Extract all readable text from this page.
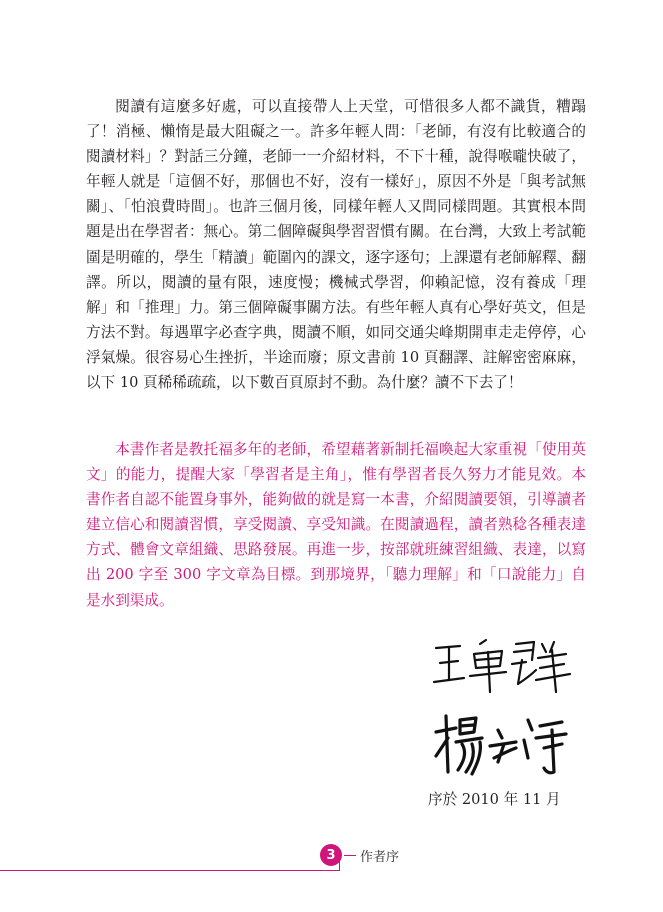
閱讀有這麼多好處，可以直接帶人上天堂，可惜很多人都不識貨，糟蹋了！消極、懶惰是最大阻礙之一。許多年輕人問：「老師，有沒有比較適合的閱讀材料」？對話三分鐘，老師一一介紹材料，不下十種，說得喉嚨快破了，年輕人就是「這個不好，那個也不好，沒有一樣好」，原因不外是「與考試無關」、「怕浪費時間」。也許三個月後，同樣年輕人又問同樣問題。其實根本問題是出在學習者：無心。第二個障礙與學習習慣有關。在台灣，大致上考試範圍是明確的，學生「精讀」範圍內的課文，逐字逐句；上課還有老師解釋、翻譯。所以，閱讀的量有限，速度慢；機械式學習，仰賴記憶，沒有養成「理解」和「推理」力。第三個障礙事關方法。有些年輕人真有心學好英文，但是方法不對。每遇單字必查字典，閱讀不順，如同交通尖峰期開車走走停停，心浮氣燥。很容易心生挫折，半途而廢；原文書前 10 頁翻譯、註解密密麻麻，以下 10 頁稀稀疏疏，以下數百頁原封不動。為什麼？讀不下去了！

本書作者是教托福多年的老師，希望藉著新制托福喚起大家重視「使用英文」的能力，提醒大家「學習者是主角」，惟有學習者長久努力才能見效。本書作者自認不能置身事外，能夠做的就是寫一本書，介紹閱讀要領，引導讀者建立信心和閱讀習慣，享受閱讀、享受知識。在閱讀過程，讀者熟稔各種表達方式、體會文章組織、思路發展。再進一步，按部就班練習組織、表達，以寫出 200 字至 300 字文章為目標。到那境界，「聽力理解」和「口說能力」自是水到渠成。

序於 2010 年 11 月
3	作者序
